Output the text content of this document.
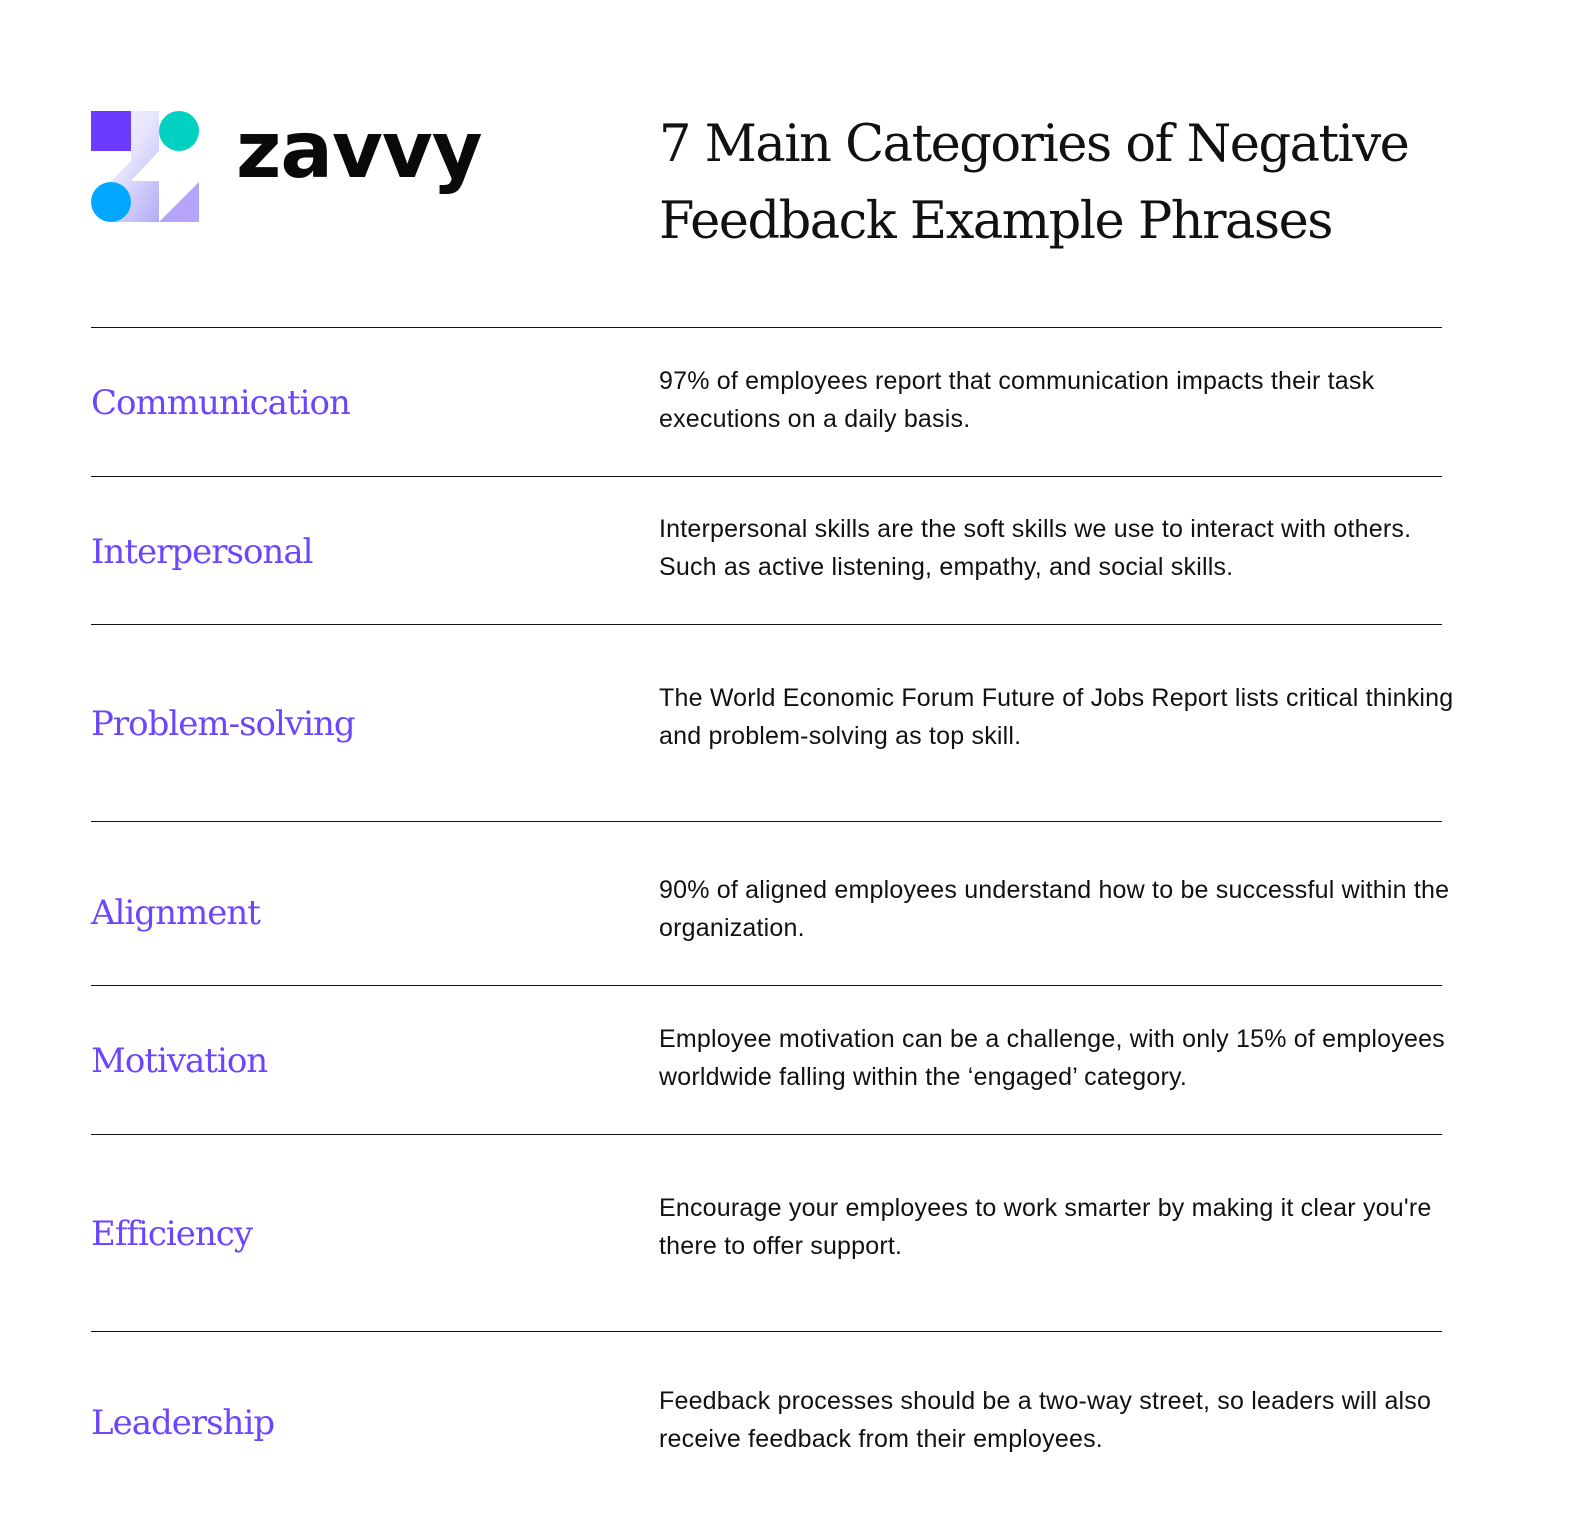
zavvy	7 Main Categories of Negative Feedback Example Phrases
Communication
97% of employees report that communication impacts their task executions on a daily basis.
Interpersonal
Interpersonal skills are the soft skills we use to interact with others. Such as active listening, empathy, and social skills.
Problem-solving
The World Economic Forum Future of Jobs Report lists critical thinking and problem-solving as top skill.
Alignment
90% of aligned employees understand how to be successful within the organization.
Motivation
Employee motivation can be a challenge, with only 15% of employees worldwide falling within the ‘engaged’ category.
Efficiency
Encourage your employees to work smarter by making it clear you're there to offer support.
Leadership
Feedback processes should be a two-way street, so leaders will also receive feedback from their employees.
